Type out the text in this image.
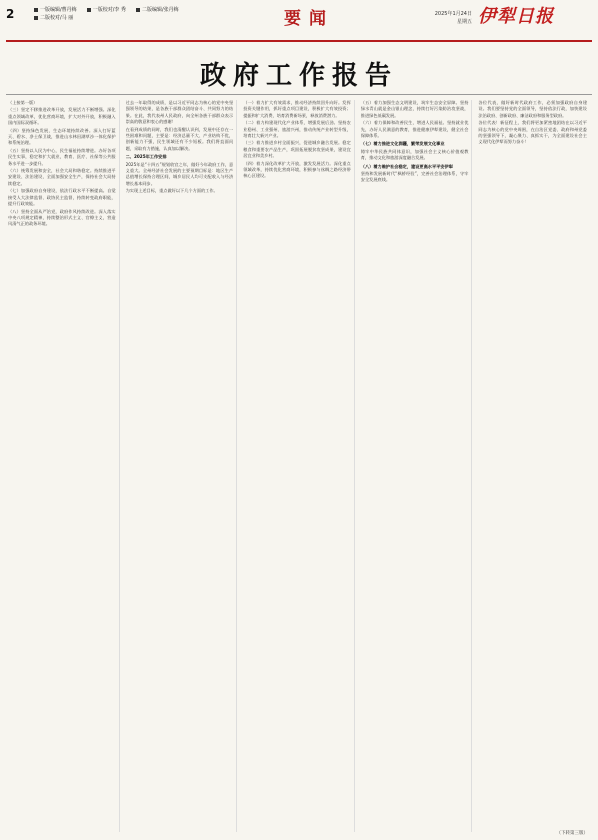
2	一版编辑/曹丹梅	一版校对/李 秀	二版编辑/张丹梅
二版校对/马 丽	要闻	2025年1月24日
星期五 伊犁日报
政府工作报告

（上接第一版）

（三）坚定不移推进改革开放，发展活力不断增强。深化重点领域改革，优化营商环境，扩大对外开放，积极融入国内国际双循环。

（四）坚持绿色发展，生态环境持续改善。深入打好蓝天、碧水、净土保卫战，推进山水林田湖草沙一体化保护和系统治理。

（五）坚持以人民为中心，民生福祉持续增进。办好各项民生实事，稳定和扩大就业，教育、医疗、社保等公共服务水平进一步提升。

（六）统筹发展和安全，社会大局和谐稳定。持续推进平安建设、法治建设，全面加强安全生产，保持社会大局持续稳定。

（七）加强政府自身建设，依法行政水平不断提高。自觉接受人大法律监督、政协民主监督，持续转变政府职能，提升行政效能。

（八）坚持全面从严治党，政府作风持续改进。深入落实中央八项规定精神，持续整治形式主义、官僚主义，营造风清气正的政务环境。

过去一年取得的成绩，是以习近平同志为核心的党中央坚强领导的结果，是各族干部群众团结奋斗、共同努力的结果。在此，我代表州人民政府，向全州各族干部群众表示崇高的敬意和衷心的感谢！

在看到成绩的同时，我们也清醒认识到，发展中还存在一些困难和问题，主要是：经济总量不大、产业结构不优，创新能力不强，民生领域还有不少短板。我们将直面问题，采取有力措施，认真加以解决。

二、2025年工作安排

2025年是“十四五”规划收官之年，做好今年政府工作，意义重大。全州经济社会发展的主要预期目标是：地区生产总值增长保持合理区间，城乡居民人均可支配收入与经济增长基本同步。

为实现上述目标，重点做好以下几个方面的工作。

（一）着力扩大有效需求，推动经济持续回升向好。发挥投资关键作用，抓好重点项目建设，积极扩大有效投资；提振和扩大消费，培育消费新场景，释放消费潜力。

（二）着力构建现代化产业体系，增强发展后劲。坚持农业稳州、工业强州、旅游兴州，推动传统产业转型升级，培育壮大新兴产业。

（三）着力推进乡村全面振兴，促进城乡融合发展。稳定粮食和重要农产品生产，巩固拓展脱贫攻坚成果，建设宜居宜业和美乡村。

（四）着力深化改革扩大开放，激发发展活力。深化重点领域改革，持续优化营商环境，积极参与丝绸之路经济带核心区建设。

（五）着力加强生态文明建设，筑牢生态安全屏障。坚持绿水青山就是金山银山理念，持续打好污染防治攻坚战，推进绿色低碳发展。

（六）着力保障和改善民生，增进人民福祉。坚持就业优先，办好人民满意的教育，推进健康伊犁建设，健全社会保障体系。

（七）着力推进文化润疆，繁荣发展文化事业

铸牢中华民族共同体意识，加强社会主义核心价值观教育，推动文化和旅游深度融合发展。

（八）着力维护社会稳定，建设更高水平平安伊犁

坚持和发展新时代“枫桥经验”，完善社会治理体系，守牢安全发展底线。

各位代表，做好新时代政府工作，必须加强政府自身建设。我们要坚持党的全面领导，坚持依法行政，加快建设法治政府、创新政府、廉洁政府和服务型政府。

各位代表！新征程上，我们将更加紧密地团结在以习近平同志为核心的党中央周围，在自治区党委、政府和州党委的坚强领导下，凝心聚力、真抓实干，为全面建设社会主义现代化伊犁而努力奋斗！

（下转第三版）
